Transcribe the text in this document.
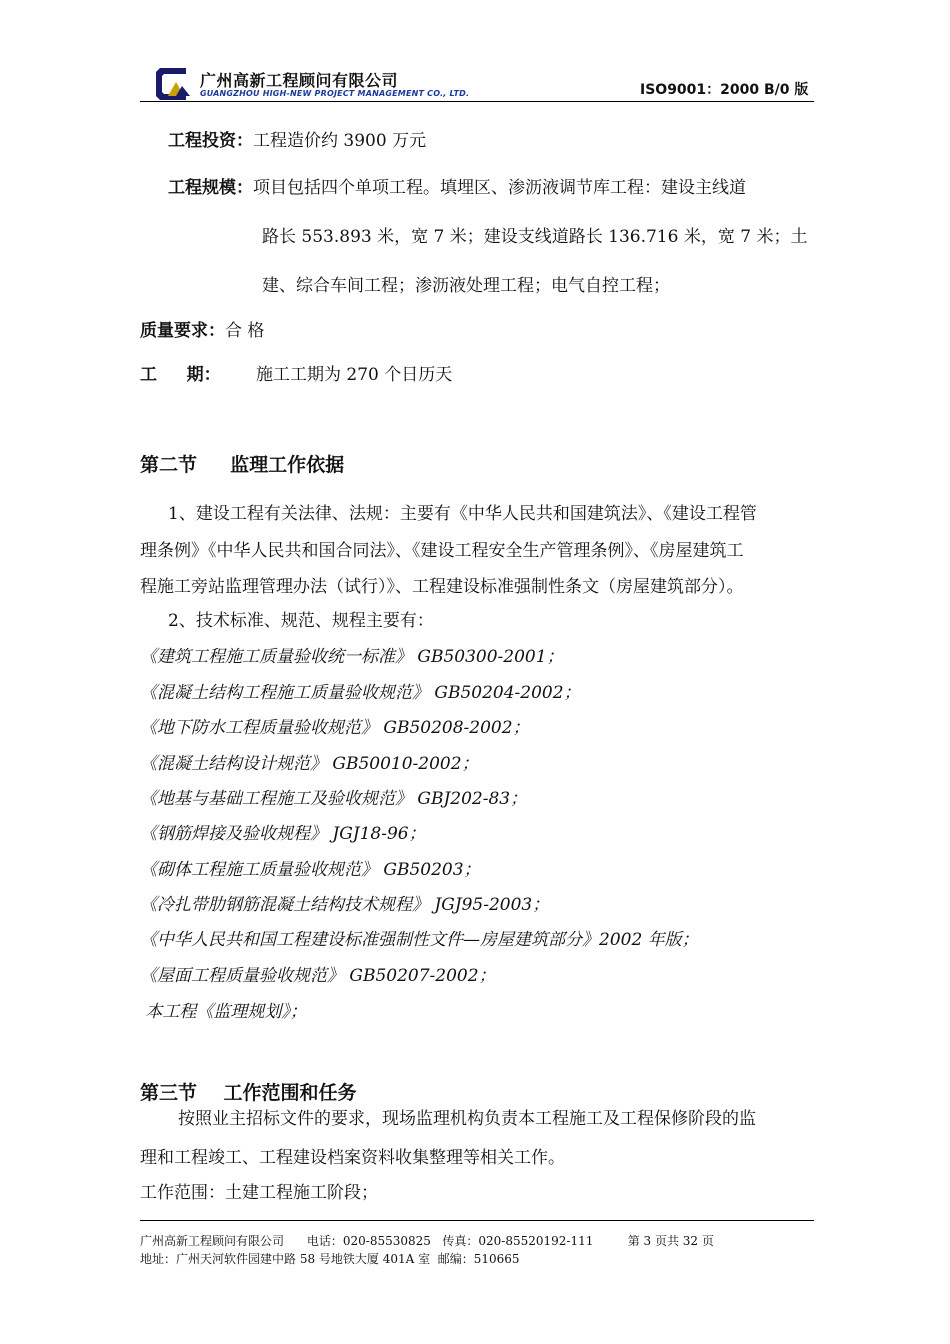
广州高新工程顾问有限公司
GUANGZHOU HIGH-NEW PROJECT MANAGEMENT CO., LTD.	ISO9001：2000 B/0 版
工程投资：工程造价约 3900 万元
工程规模：项目包括四个单项工程。填埋区、渗沥液调节库工程：建设主线道
路长 553.893 米，宽 7 米；建设支线道路长 136.716 米，宽 7 米；土
建、综合车间工程；渗沥液处理工程；电气自控工程；
质量要求：合 格
工     期： 施工工期为 270 个日历天
第二节     监理工作依据
1、建设工程有关法律、法规：主要有《中华人民共和国建筑法》、《建设工程管
理条例》《中华人民共和国合同法》、《建设工程安全生产管理条例》、《房屋建筑工
程施工旁站监理管理办法（试行）》、工程建设标准强制性条文（房屋建筑部分）。
2、技术标准、规范、规程主要有：
《建筑工程施工质量验收统一标准》 GB50300-2001；
《混凝土结构工程施工质量验收规范》 GB50204-2002；
《地下防水工程质量验收规范》 GB50208-2002；
《混凝土结构设计规范》 GB50010-2002；
《地基与基础工程施工及验收规范》 GBJ202-83；
《钢筋焊接及验收规程》 JGJ18-96；
《砌体工程施工质量验收规范》 GB50203；
《冷扎带肋钢筋混凝土结构技术规程》 JGJ95-2003；
《中华人民共和国工程建设标准强制性文件—房屋建筑部分》2002 年版；
《屋面工程质量验收规范》 GB50207-2002；
本工程《监理规划》；
第三节    工作范围和任务
按照业主招标文件的要求，现场监理机构负责本工程施工及工程保修阶段的监
理和工程竣工、工程建设档案资料收集整理等相关工作。
工作范围：土建工程施工阶段；
广州高新工程顾问有限公司      电话：020-85530825   传真：020-85520192-111         第 3 页共 32 页
地址：广州天河软件园建中路 58 号地铁大厦 401A 室  邮编：510665
